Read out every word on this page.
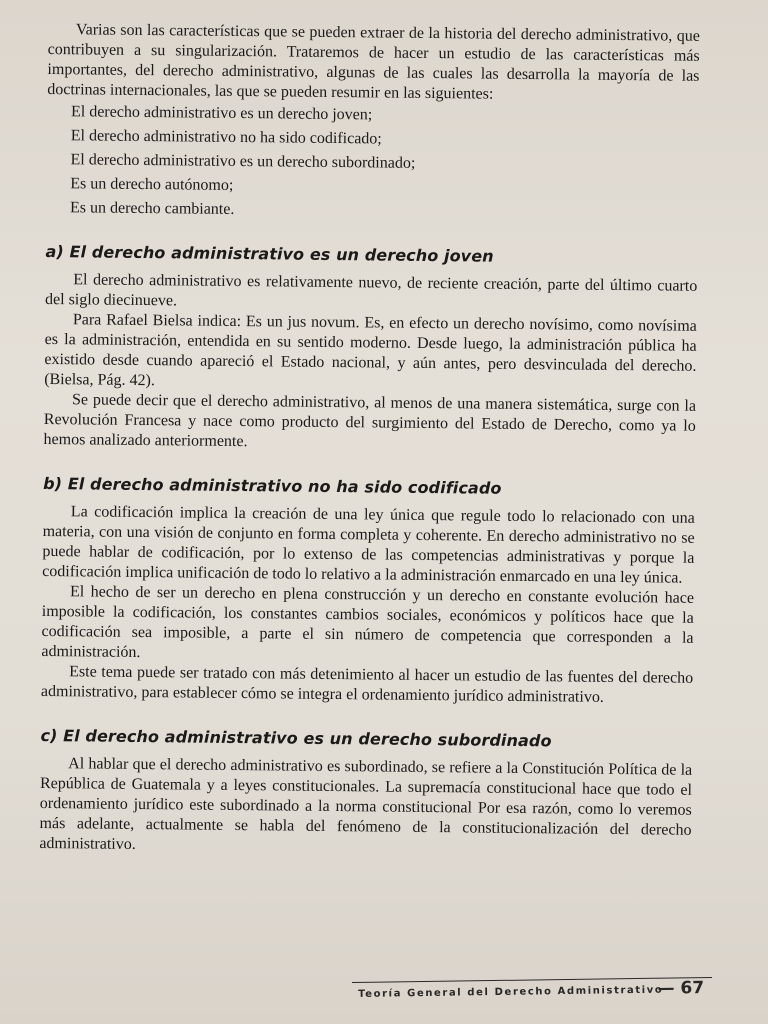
Varias son las características que se pueden extraer de la historia del derecho administrativo, que contribuyen a su singularización. Trataremos de hacer un estudio de las características más importantes, del derecho administrativo, algunas de las cuales las desarrolla la mayoría de las doctrinas internacionales, las que se pueden resumir en las siguientes:

El derecho administrativo es un derecho joven;
El derecho administrativo no ha sido codificado;
El derecho administrativo es un derecho subordinado;
Es un derecho autónomo;
Es un derecho cambiante.
a) El derecho administrativo es un derecho joven

El derecho administrativo es relativamente nuevo, de reciente creación, parte del último cuarto del siglo diecinueve.

Para Rafael Bielsa indica: Es un jus novum. Es, en efecto un derecho novísimo, como novísima es la administración, entendida en su sentido moderno. Desde luego, la administración pública ha existido desde cuando apareció el Estado nacional, y aún antes, pero desvinculada del derecho. (Bielsa, Pág. 42).

Se puede decir que el derecho administrativo, al menos de una manera sistemática, surge con la Revolución Francesa y nace como producto del surgimiento del Estado de Derecho, como ya lo hemos analizado anteriormente.

b) El derecho administrativo no ha sido codificado

La codificación implica la creación de una ley única que regule todo lo relacionado con una materia, con una visión de conjunto en forma completa y coherente. En derecho administrativo no se puede hablar de codificación, por lo extenso de las competencias administrativas y porque la codificación implica unificación de todo lo relativo a la administración enmarcado en una ley única.

El hecho de ser un derecho en plena construcción y un derecho en constante evolución hace imposible la codificación, los constantes cambios sociales, económicos y políticos hace que la codificación sea imposible, a parte el sin número de competencia que corresponden a la administración.

Este tema puede ser tratado con más detenimiento al hacer un estudio de las fuentes del derecho administrativo, para establecer cómo se integra el ordenamiento jurídico administrativo.

c) El derecho administrativo es un derecho subordinado

Al hablar que el derecho administrativo es subordinado, se refiere a la Constitución Política de la República de Guatemala y a leyes constitucionales. La supremacía constitucional hace que todo el ordenamiento jurídico este subordinado a la norma constitucional Por esa razón, como lo veremos más adelante, actualmente se habla del fenómeno de la constitucionalización del derecho administrativo.

Teoría General del Derecho Administrativo
— 67
